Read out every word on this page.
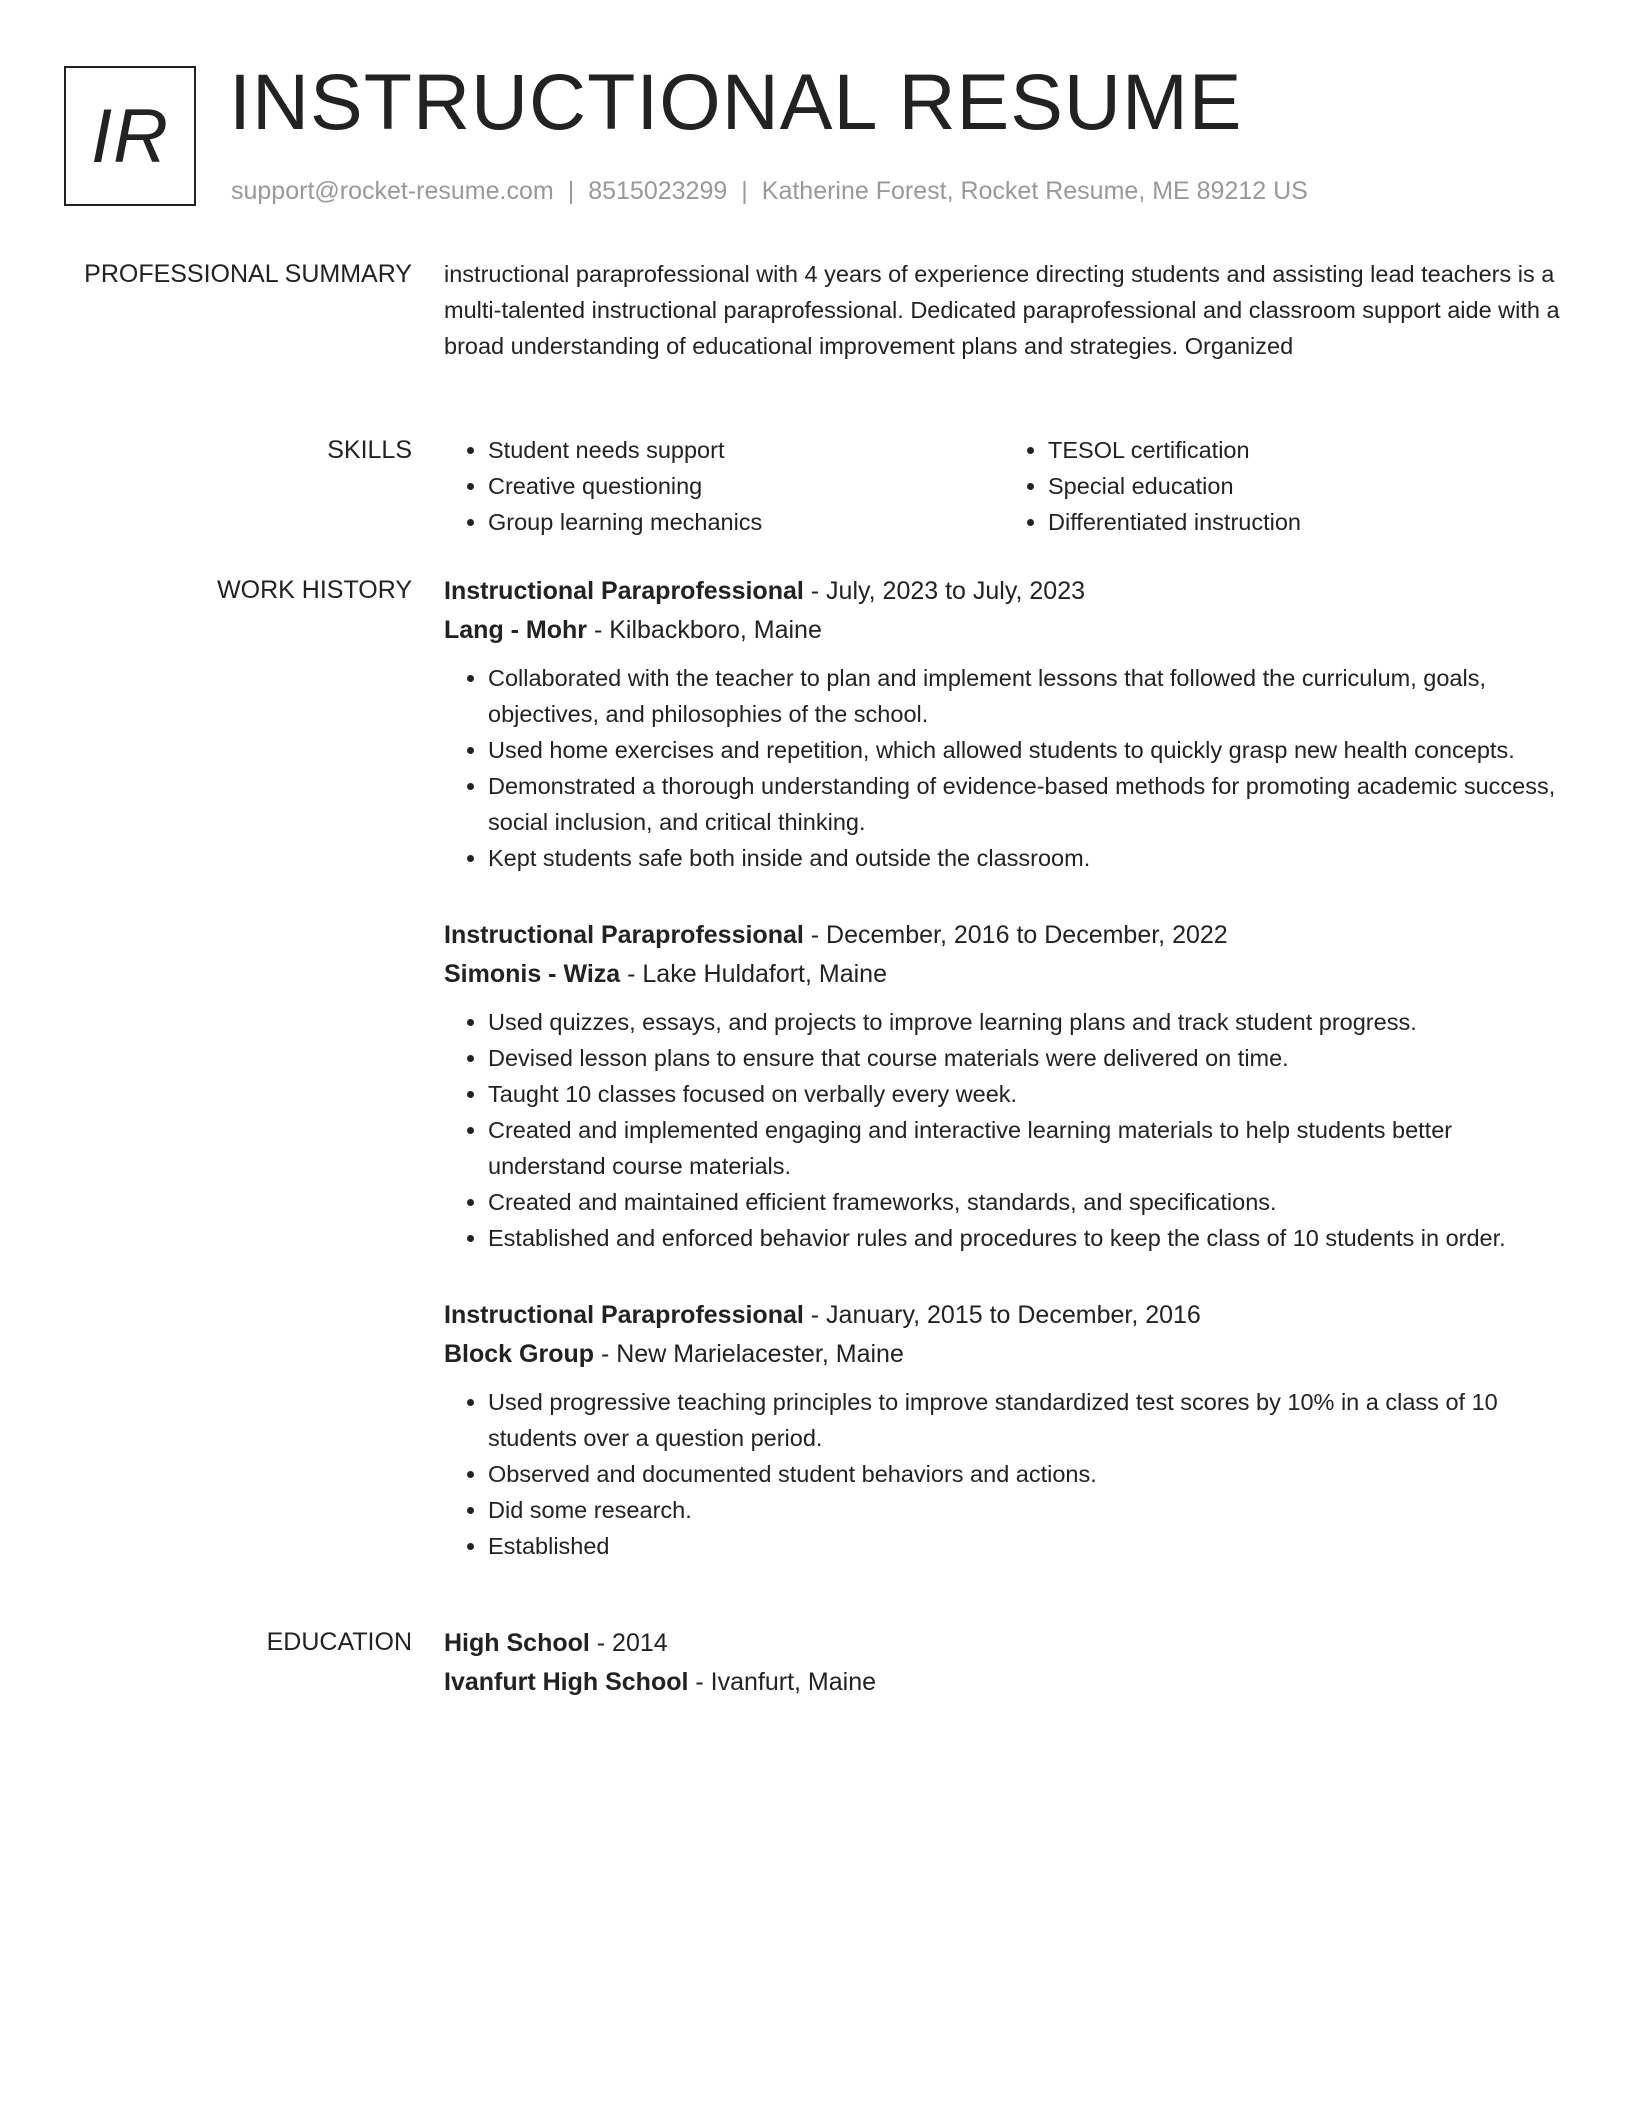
IR INSTRUCTIONAL RESUME
support@rocket-resume.com | 8515023299 | Katherine Forest, Rocket Resume, ME 89212 US
PROFESSIONAL SUMMARY instructional paraprofessional with 4 years of experience directing students and assisting lead teachers is a multi-talented instructional paraprofessional. Dedicated paraprofessional and classroom support aide with a broad understanding of educational improvement plans and strategies. Organized

SKILLS
•	Student needs support
• Creative questioning
• Group learning mechanics
• TESOL certification
• Special education
• Differentiated instruction
WORK HISTORY Instructional Paraprofessional - July, 2023 to July, 2023
Lang - Mohr - Kilbackboro, Maine
• Collaborated with the teacher to plan and implement lessons that followed the curriculum, goals, objectives, and philosophies of the school.
• Used home exercises and repetition, which allowed students to quickly grasp new health concepts.
• Demonstrated a thorough understanding of evidence-based methods for promoting academic success, social inclusion, and critical thinking.
• Kept students safe both inside and outside the classroom.
Instructional Paraprofessional - December, 2016 to December, 2022
Simonis - Wiza - Lake Huldafort, Maine
• Used quizzes, essays, and projects to improve learning plans and track student progress.
• Devised lesson plans to ensure that course materials were delivered on time.
• Taught 10 classes focused on verbally every week.
• Created and implemented engaging and interactive learning materials to help students better understand course materials.
• Created and maintained efficient frameworks, standards, and specifications.
• Established and enforced behavior rules and procedures to keep the class of 10 students in order.
Instructional Paraprofessional - January, 2015 to December, 2016
Block Group - New Marielacester, Maine
• Used progressive teaching principles to improve standardized test scores by 10% in a class of 10 students over a question period.
• Observed and documented student behaviors and actions.
• Did some research.
• Established
EDUCATION High School - 2014
Ivanfurt High School - Ivanfurt, Maine
